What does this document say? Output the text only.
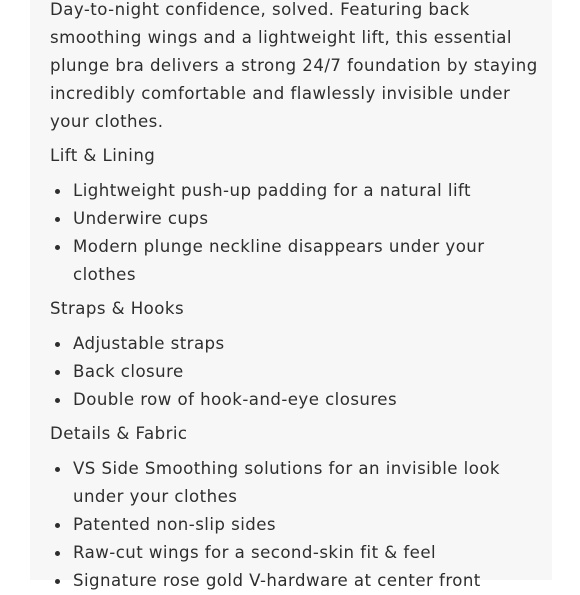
Day-to-night confidence, solved. Featuring back smoothing wings and a lightweight lift, this essential plunge bra delivers a strong 24/7 foundation by staying incredibly comfortable and flawlessly invisible under your clothes.

Lift & Lining
Lightweight push-up padding for a natural lift
Underwire cups
Modern plunge neckline disappears under your clothes
Straps & Hooks
Adjustable straps
Back closure
Double row of hook-and-eye closures
Details & Fabric
VS Side Smoothing solutions for an invisible look under your clothes
Patented non-slip sides
Raw-cut wings for a second-skin fit & feel
Signature rose gold V-hardware at center front
